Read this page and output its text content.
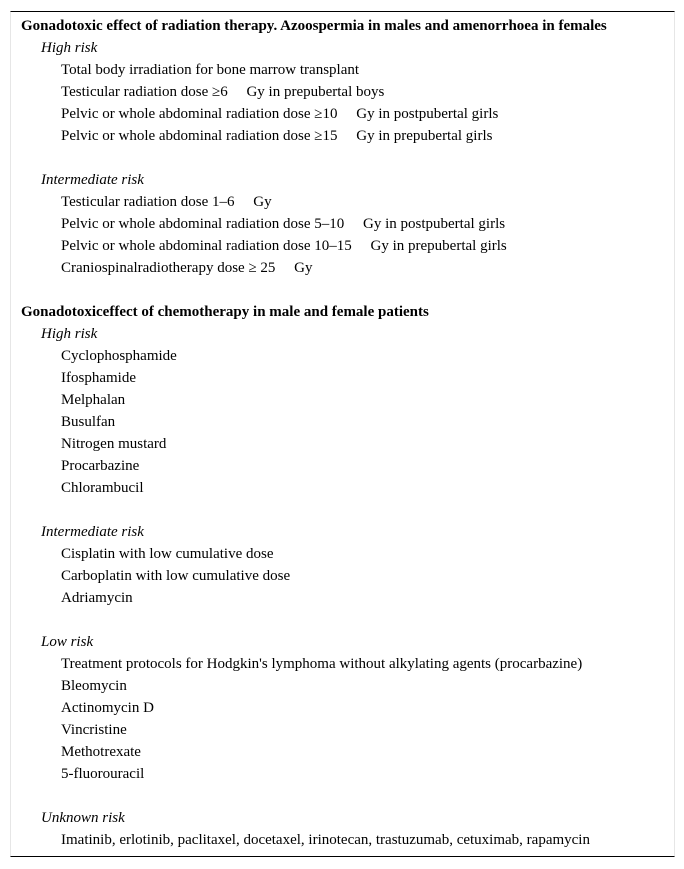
Gonadotoxic effect of radiation therapy. Azoospermia in males and amenorrhoea in females
High risk
Total body irradiation for bone marrow transplant
Testicular radiation dose ≥6     Gy in prepubertal boys
Pelvic or whole abdominal radiation dose ≥10     Gy in postpubertal girls
Pelvic or whole abdominal radiation dose ≥15     Gy in prepubertal girls
Intermediate risk
Testicular radiation dose 1–6     Gy
Pelvic or whole abdominal radiation dose 5–10     Gy in postpubertal girls
Pelvic or whole abdominal radiation dose 10–15     Gy in prepubertal girls
Craniospinalradiotherapy dose ≥ 25     Gy
Gonadotoxiceffect of chemotherapy in male and female patients
High risk
Cyclophosphamide
Ifosphamide
Melphalan
Busulfan
Nitrogen mustard
Procarbazine
Chlorambucil
Intermediate risk
Cisplatin with low cumulative dose
Carboplatin with low cumulative dose
Adriamycin
Low risk
Treatment protocols for Hodgkin's lymphoma without alkylating agents (procarbazine)
Bleomycin
Actinomycin D
Vincristine
Methotrexate
5-fluorouracil
Unknown risk
Imatinib, erlotinib, paclitaxel, docetaxel, irinotecan, trastuzumab, cetuximab, rapamycin
